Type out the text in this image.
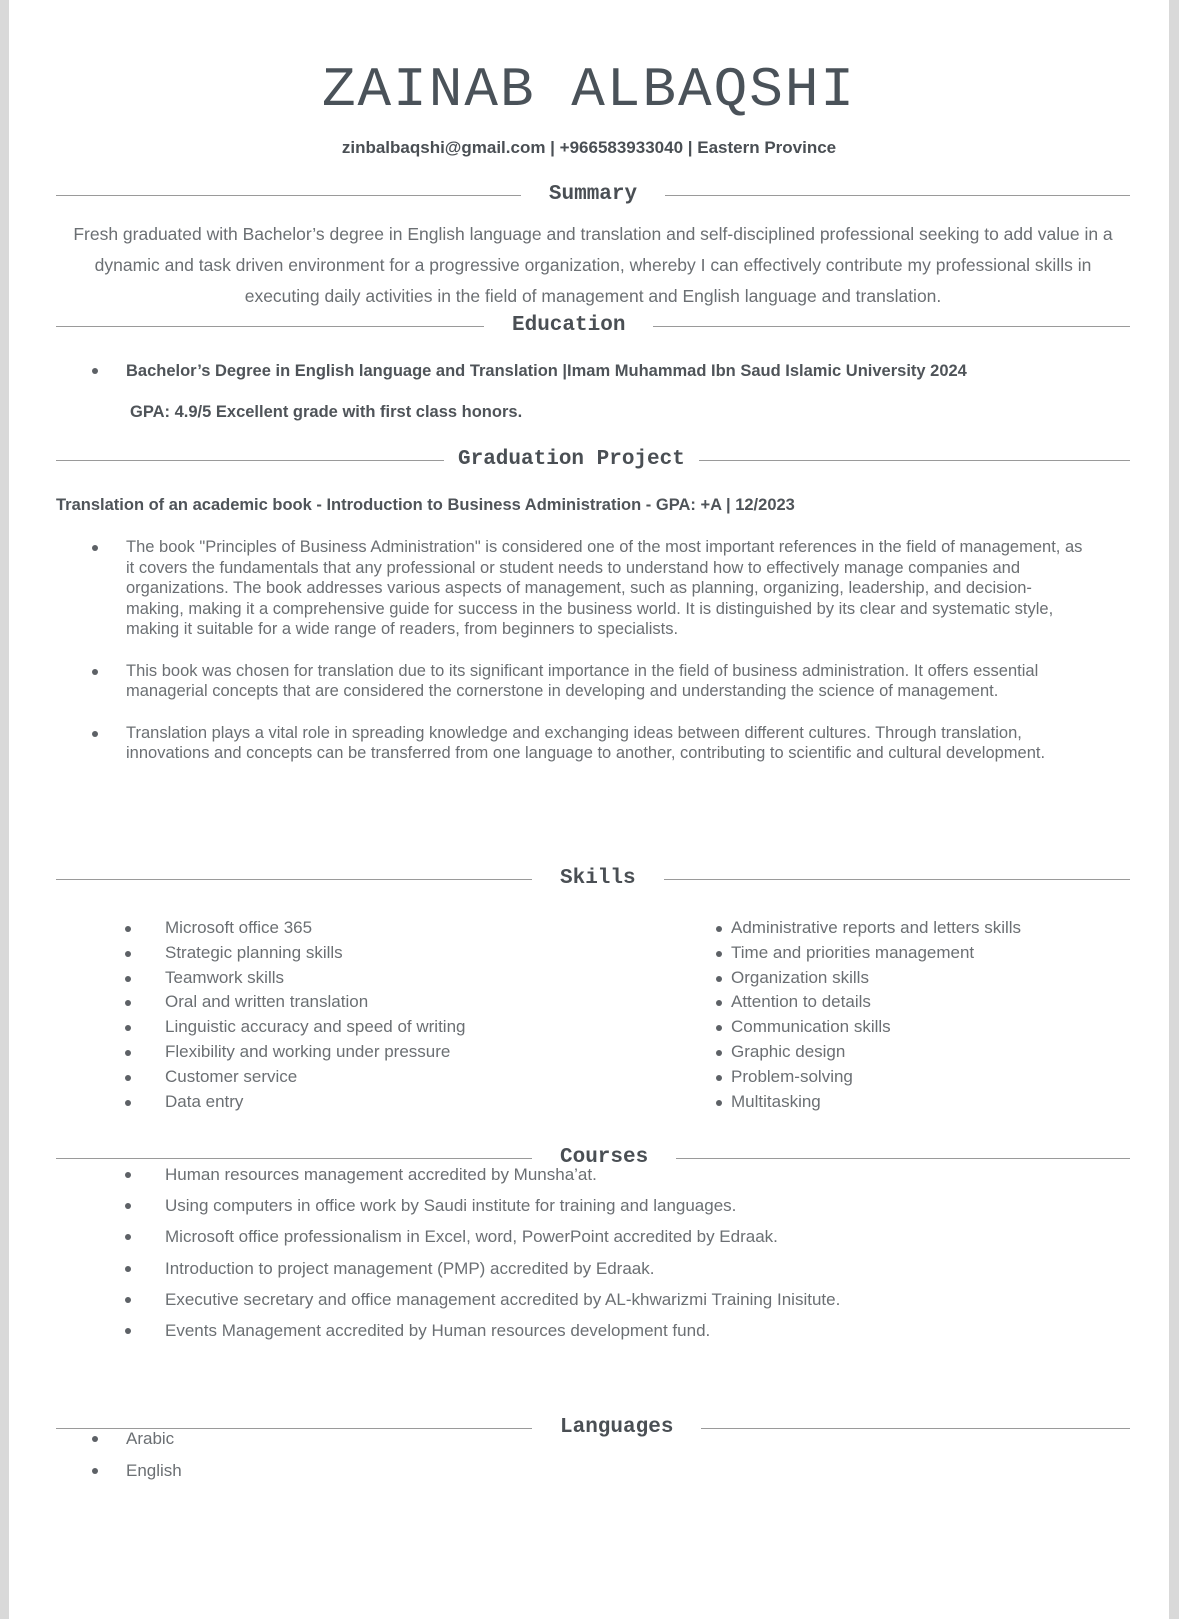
ZAINAB ALBAQSHI
zinbalbaqshi@gmail.com | +966583933040 | Eastern Province
Summary

Fresh graduated with Bachelor’s degree in English language and translation and self-disciplined professional seeking to add value in a dynamic and task driven environment for a progressive organization, whereby I can effectively contribute my professional skills in executing daily activities in the field of management and English language and translation.

Education
Bachelor’s Degree in English language and Translation |Imam Muhammad Ibn Saud Islamic University 2024
GPA: 4.9/5 Excellent grade with first class honors.
Graduation Project
Translation of an academic book - Introduction to Business Administration - GPA: +A | 12/2023
The book "Principles of Business Administration" is considered one of the most important references in the field of management, as it covers the fundamentals that any professional or student needs to understand how to effectively manage companies and organizations. The book addresses various aspects of management, such as planning, organizing, leadership, and decision-making, making it a comprehensive guide for success in the business world. It is distinguished by its clear and systematic style, making it suitable for a wide range of readers, from beginners to specialists.
This book was chosen for translation due to its significant importance in the field of business administration. It offers essential managerial concepts that are considered the cornerstone in developing and understanding the science of management.
Translation plays a vital role in spreading knowledge and exchanging ideas between different cultures. Through translation, innovations and concepts can be transferred from one language to another, contributing to scientific and cultural development.
Skills
Microsoft office 365
Strategic planning skills
Teamwork skills
Oral and written translation
Linguistic accuracy and speed of writing
Flexibility and working under pressure
Customer service
Data entry
Administrative reports and letters skills
Time and priorities management
Organization skills
Attention to details
Communication skills
Graphic design
Problem-solving
Multitasking
Courses
Human resources management accredited by Munsha’at.
Using computers in office work by Saudi institute for training and languages.
Microsoft office professionalism in Excel, word, PowerPoint accredited by Edraak.
Introduction to project management (PMP) accredited by Edraak.
Executive secretary and office management accredited by AL-khwarizmi Training Inisitute.
Events Management accredited by Human resources development fund.
Languages
Arabic
English
